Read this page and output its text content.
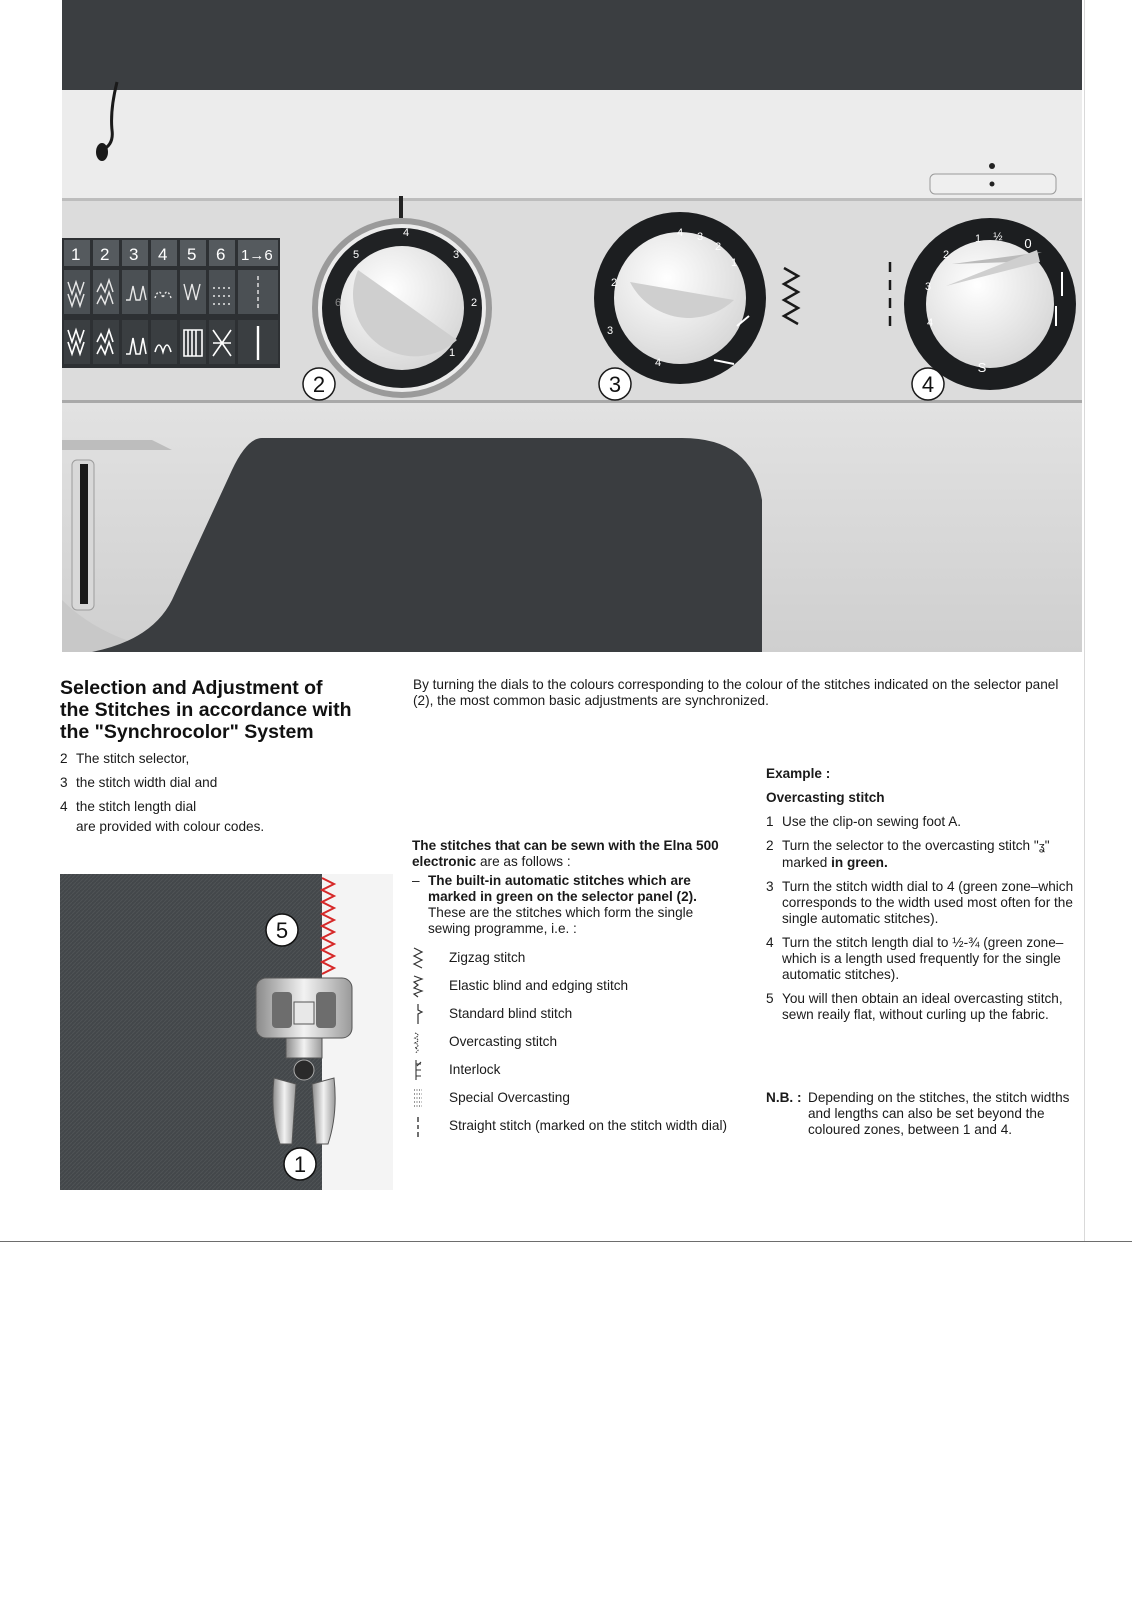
1 2 3 4 5 6 1→6
4
3
2
1
6
5
2
4 3
2
1
4
3
2
3
1 ½ 0
2
3
4
S
4
Selection and Adjustment of
the Stitches in accordance with
the "Synchrocolor" System
2 The stitch selector,
3 the stitch width dial and
4 the stitch length dial
are provided with colour codes.
By turning the dials to the colours corresponding to the colour of the stitches indicated on the selector panel (2), the most common basic adjustments are synchronized.
The stitches that can be sewn with the Elna 500 electronic are as follows :
– The built-in automatic stitches which are marked in green on the selector panel (2). These are the stitches which form the single sewing programme, i.e. :
Zigzag stitch
Elastic blind and edging stitch
Standard blind stitch
Overcasting stitch
Interlock
Special Overcasting
Straight stitch (marked on the stitch width dial)
Example :
Overcasting stitch
1 Use the clip-on sewing foot A.
2 Turn the selector to the overcasting stitch "ʓ" marked in green.
3 Turn the stitch width dial to 4 (green zone–which corresponds to the width used most often for the single automatic stitches).
4 Turn the stitch length dial to ½-¾ (green zone–which is a length used frequently for the single automatic stitches).
5 You will then obtain an ideal overcasting stitch, sewn reaily flat, without curling up the fabric.
N.B. : Depending on the stitches, the stitch widths and lengths can also be set beyond the coloured zones, between 1 and 4.
5
1
